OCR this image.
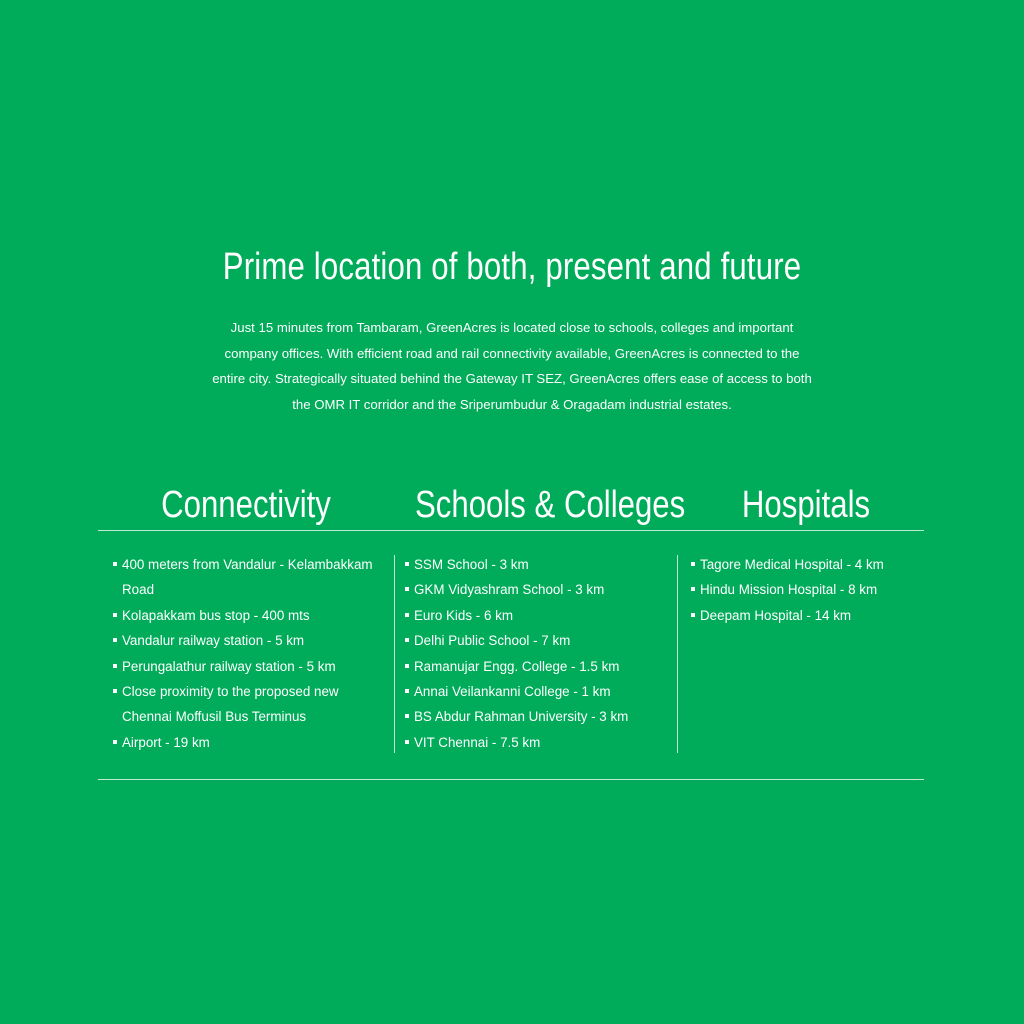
Prime location of both, present and future

Just 15 minutes from Tambaram, GreenAcres is located close to schools, colleges and important company offices. With efficient road and rail connectivity available, GreenAcres is connected to the entire city. Strategically situated behind the Gateway IT SEZ, GreenAcres offers ease of access to both the OMR IT corridor and the Sriperumbudur & Oragadam industrial estates.

Connectivity Schools & Colleges Hospitals
400 meters from Vandalur - Kelambakkam Road
Kolapakkam bus stop - 400 mts
Vandalur railway station - 5 km
Perungalathur railway station - 5 km
Close proximity to the proposed new Chennai Moffusil Bus Terminus
Airport - 19 km
SSM School - 3 km
GKM Vidyashram School - 3 km
Euro Kids - 6 km
Delhi Public School - 7 km
Ramanujar Engg. College - 1.5 km
Annai Veilankanni College - 1 km
BS Abdur Rahman University - 3 km
VIT Chennai - 7.5 km
Tagore Medical Hospital - 4 km
Hindu Mission Hospital - 8 km
Deepam Hospital - 14 km
